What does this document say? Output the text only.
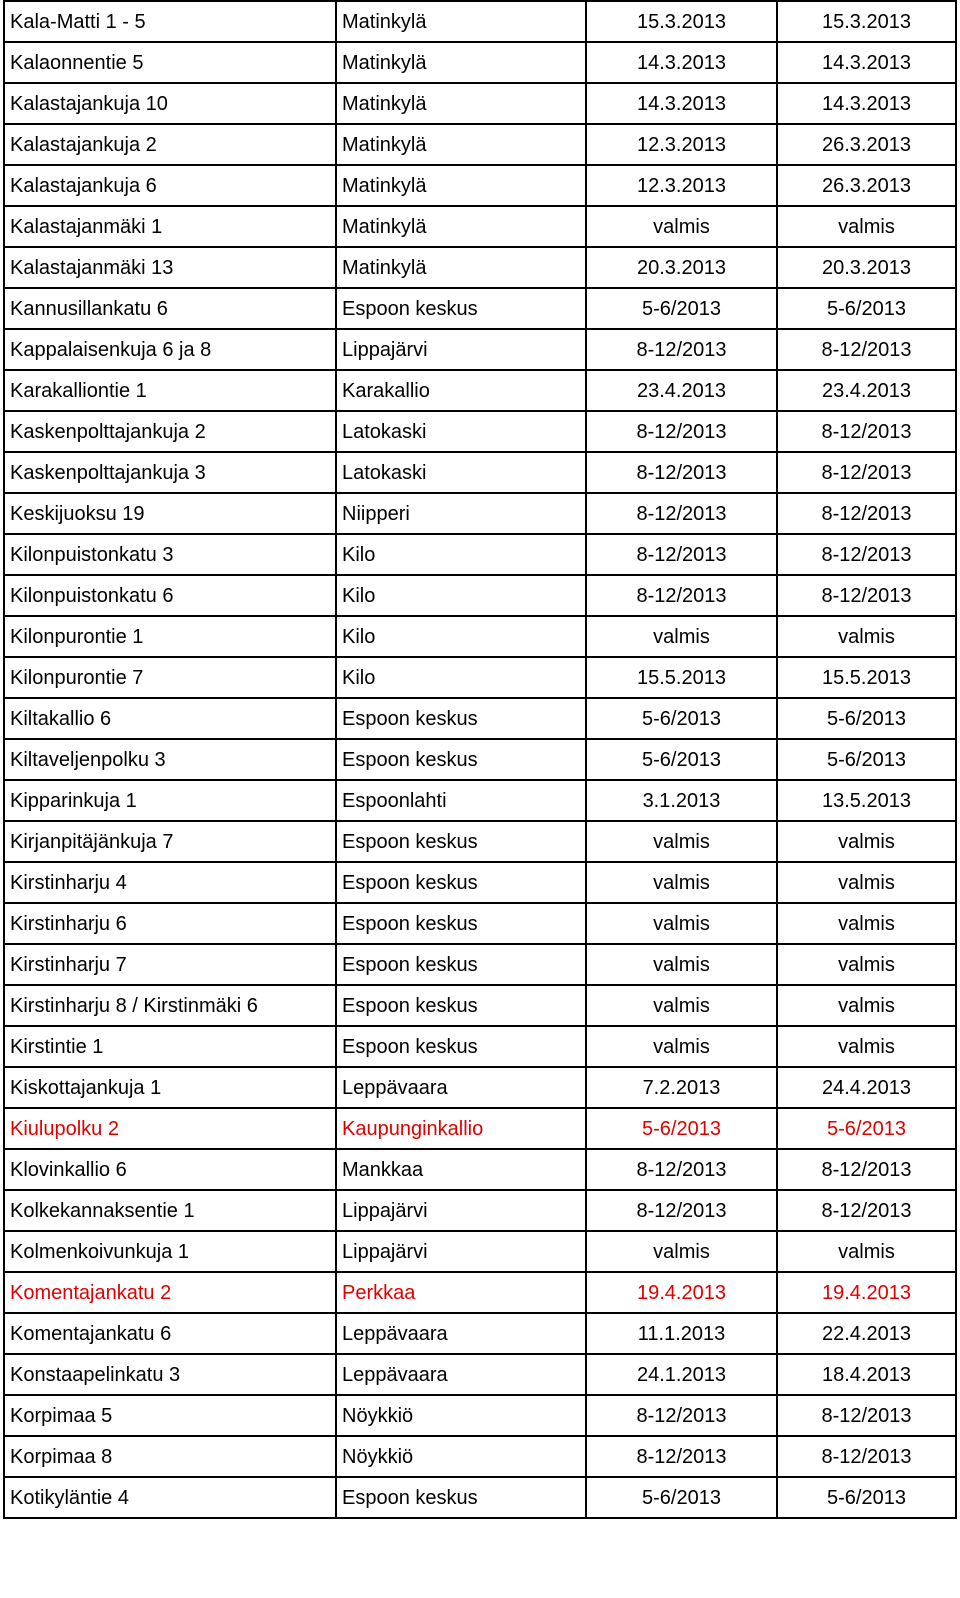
Kala-Matti 1 - 5	Matinkylä	15.3.2013	15.3.2013
Kalaonnentie 5	Matinkylä	14.3.2013	14.3.2013
Kalastajankuja 10	Matinkylä	14.3.2013	14.3.2013
Kalastajankuja 2	Matinkylä	12.3.2013	26.3.2013
Kalastajankuja 6	Matinkylä	12.3.2013	26.3.2013
Kalastajanmäki 1	Matinkylä	valmis	valmis
Kalastajanmäki 13	Matinkylä	20.3.2013	20.3.2013
Kannusillankatu 6	Espoon keskus	5-6/2013	5-6/2013
Kappalaisenkuja 6 ja 8	Lippajärvi	8-12/2013	8-12/2013
Karakalliontie 1	Karakallio	23.4.2013	23.4.2013
Kaskenpolttajankuja 2	Latokaski	8-12/2013	8-12/2013
Kaskenpolttajankuja 3	Latokaski	8-12/2013	8-12/2013
Keskijuoksu 19	Niipperi	8-12/2013	8-12/2013
Kilonpuistonkatu 3	Kilo	8-12/2013	8-12/2013
Kilonpuistonkatu 6	Kilo	8-12/2013	8-12/2013
Kilonpurontie 1	Kilo	valmis	valmis
Kilonpurontie 7	Kilo	15.5.2013	15.5.2013
Kiltakallio 6	Espoon keskus	5-6/2013	5-6/2013
Kiltaveljenpolku 3	Espoon keskus	5-6/2013	5-6/2013
Kipparinkuja 1	Espoonlahti	3.1.2013	13.5.2013
Kirjanpitäjänkuja 7	Espoon keskus	valmis	valmis
Kirstinharju 4	Espoon keskus	valmis	valmis
Kirstinharju 6	Espoon keskus	valmis	valmis
Kirstinharju 7	Espoon keskus	valmis	valmis
Kirstinharju 8 / Kirstinmäki 6	Espoon keskus	valmis	valmis
Kirstintie 1	Espoon keskus	valmis	valmis
Kiskottajankuja 1	Leppävaara	7.2.2013	24.4.2013
Kiulupolku 2	Kaupunginkallio	5-6/2013	5-6/2013
Klovinkallio 6	Mankkaa	8-12/2013	8-12/2013
Kolkekannaksentie 1	Lippajärvi	8-12/2013	8-12/2013
Kolmenkoivunkuja 1	Lippajärvi	valmis	valmis
Komentajankatu 2	Perkkaa	19.4.2013	19.4.2013
Komentajankatu 6	Leppävaara	11.1.2013	22.4.2013
Konstaapelinkatu 3	Leppävaara	24.1.2013	18.4.2013
Korpimaa 5	Nöykkiö	8-12/2013	8-12/2013
Korpimaa 8	Nöykkiö	8-12/2013	8-12/2013
Kotikyläntie 4	Espoon keskus	5-6/2013	5-6/2013
